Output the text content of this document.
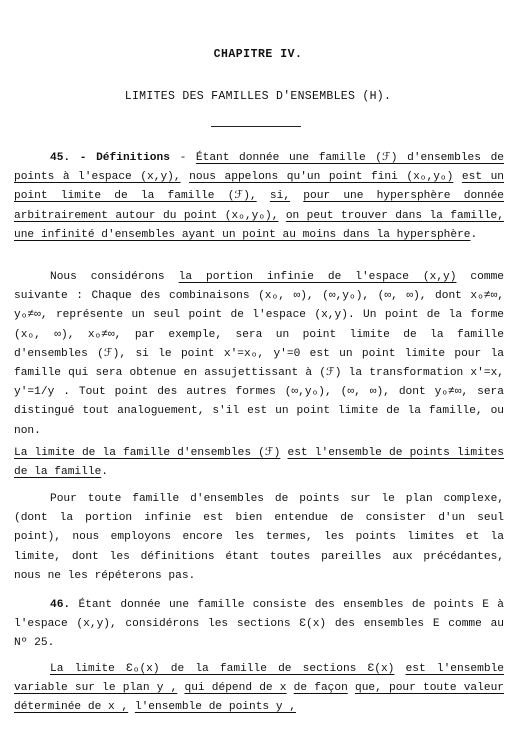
CHAPITRE IV.
LIMITES DES FAMILLES D'ENSEMBLES (H).
45. - Définitions - Étant donnée une famille (ℱ) d'ensembles de points à l'espace (x,y), nous appelons qu'un point fini (xₒ,yₒ) est un point limite de la famille (ℱ), si, pour une hypersphère donnée arbitrairement autour du point (xₒ,yₒ), on peut trouver dans la famille, une infinité d'ensembles ayant un point au moins dans la hypersphère.
Nous considérons la portion infinie de l'espace (x,y) comme suivante : Chaque des combinaisons (xₒ, ∞), (∞,yₒ), (∞, ∞), dont xₒ≠∞, yₒ≠∞, représente un seul point de l'espace (x,y). Un point de la forme (xₒ, ∞), xₒ≠∞, par exemple, sera un point limite de la famille d'ensembles (ℱ), si le point x'=xₒ, y'=0 est un point limite pour la famille qui sera obtenue en assujettissant à (ℱ) la transformation x'=x, y'=1/y . Tout point des autres formes (∞,yₒ), (∞, ∞), dont yₒ≠∞, sera distingué tout analoguement, s'il est un point limite de la famille, ou non.
La limite de la famille d'ensembles (ℱ) est l'ensemble de points limites de la famille.
Pour toute famille d'ensembles de points sur le plan complexe, (dont la portion infinie est bien entendue de consister d'un seul point), nous employons encore les termes, les points limites et la limite, dont les définitions étant toutes pareilles aux précédantes, nous ne les répéterons pas.
46. Étant donnée une famille consiste des ensembles de points E à l'espace (x,y), considérons les sections Ɛ(x) des ensembles E comme au Nº 25.
La limite Ɛₒ(x) de la famille de sections Ɛ(x) est l'ensemble variable sur le plan y , qui dépend de x de façon que, pour toute valeur déterminée de x , l'ensemble de points y ,
